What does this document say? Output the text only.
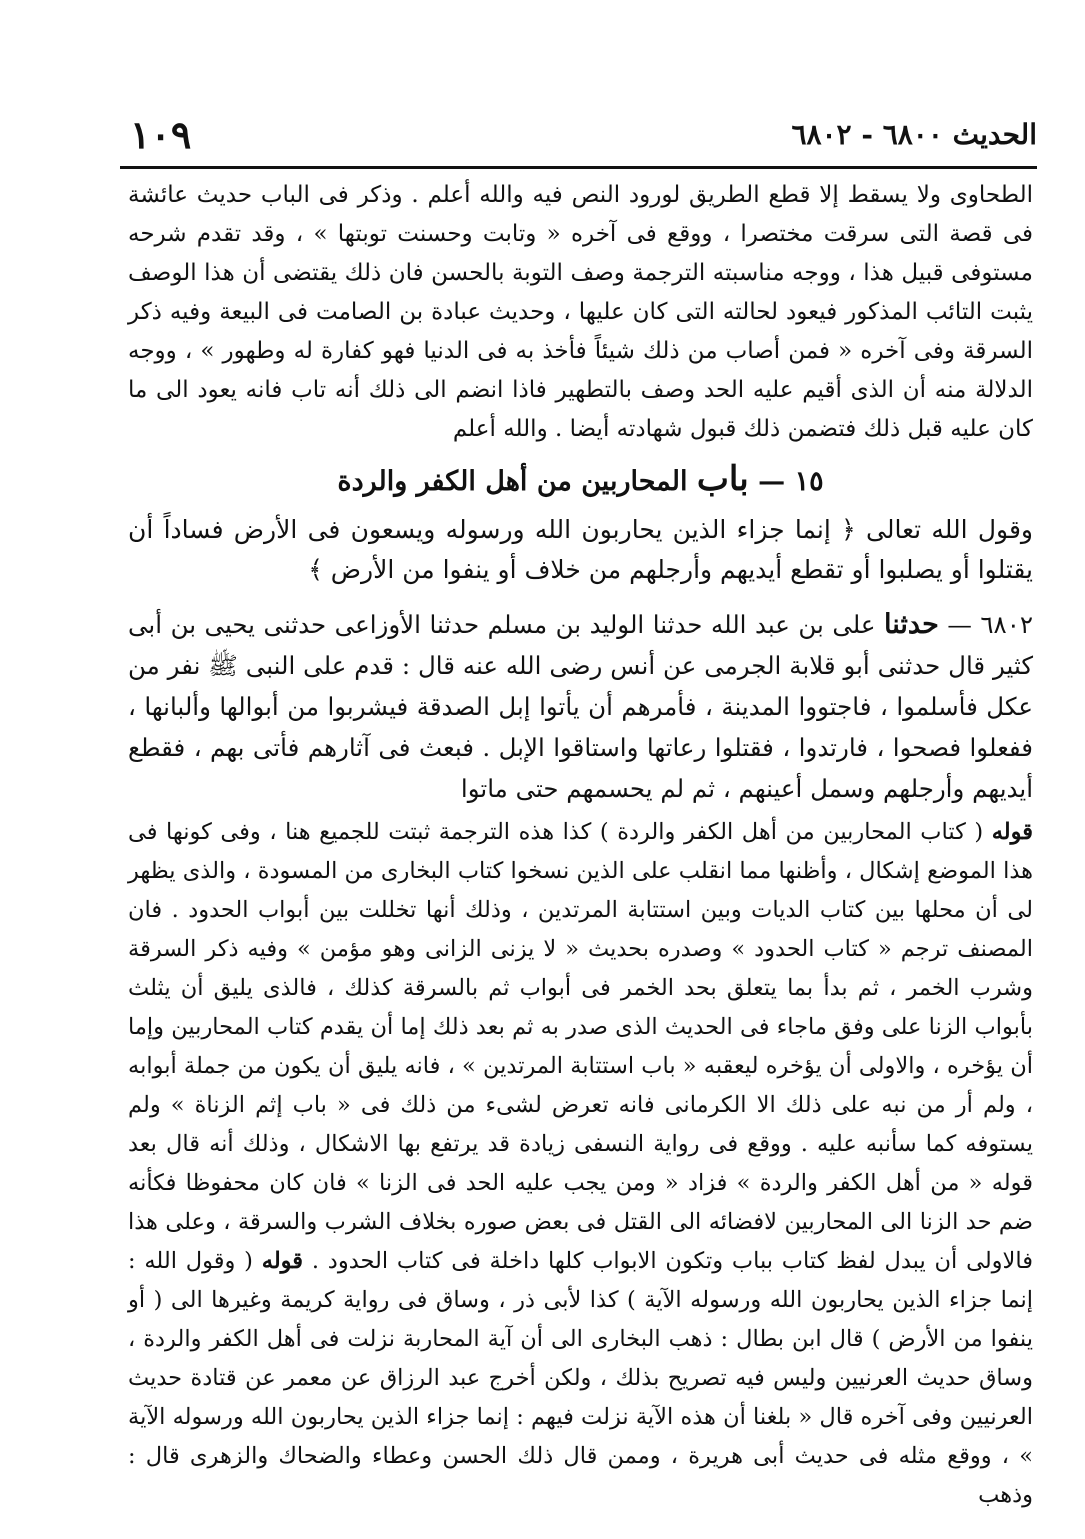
الحديث ٦٨٠٠ - ٦٨٠٢
١٠٩

الطحاوى ولا يسقط إلا قطع الطريق لورود النص فيه والله أعلم . وذكر فى الباب حديث عائشة فى قصة التى سرقت مختصرا ، ووقع فى آخره « وتابت وحسنت توبتها » ، وقد تقدم شرحه مستوفى قبيل هذا ، ووجه مناسبته الترجمة وصف التوبة بالحسن فان ذلك يقتضى أن هذا الوصف يثبت التائب المذكور فيعود لحالته التى كان عليها ، وحديث عبادة بن الصامت فى البيعة وفيه ذكر السرقة وفى آخره « فمن أصاب من ذلك شيئاً فأخذ به فى الدنيا فهو كفارة له وطهور » ، ووجه الدلالة منه أن الذى أقيم عليه الحد وصف بالتطهير فاذا انضم الى ذلك أنه تاب فانه يعود الى ما كان عليه قبل ذلك فتضمن ذلك قبول شهادته أيضا . والله أعلم

١٥ — باب المحاربين من أهل الكفر والردة

وقول الله تعالى ﴿ إنما جزاء الذين يحاربون الله ورسوله ويسعون فى الأرض فساداً أن يقتلوا أو يصلبوا أو تقطع أيديهم وأرجلهم من خلاف أو ينفوا من الأرض ﴾

٦٨٠٢ — حدثنا على بن عبد الله حدثنا الوليد بن مسلم حدثنا الأوزاعى حدثنى يحيى بن أبى كثير قال حدثنى أبو قلابة الجرمى عن أنس رضى الله عنه قال : قدم على النبى ﷺ نفر من عكل فأسلموا ، فاجتووا المدينة ، فأمرهم أن يأتوا إبل الصدقة فيشربوا من أبوالها وألبانها ، ففعلوا فصحوا ، فارتدوا ، فقتلوا رعاتها واستاقوا الإبل . فبعث فى آثارهم فأتى بهم ، فقطع أيديهم وأرجلهم وسمل أعينهم ، ثم لم يحسمهم حتى ماتوا

قوله ( كتاب المحاربين من أهل الكفر والردة ) كذا هذه الترجمة ثبتت للجميع هنا ، وفى كونها فى هذا الموضع إشكال ، وأظنها مما انقلب على الذين نسخوا كتاب البخارى من المسودة ، والذى يظهر لى أن محلها بين كتاب الديات وبين استتابة المرتدين ، وذلك أنها تخللت بين أبواب الحدود . فان المصنف ترجم « كتاب الحدود » وصدره بحديث « لا يزنى الزانى وهو مؤمن » وفيه ذكر السرقة وشرب الخمر ، ثم بدأ بما يتعلق بحد الخمر فى أبواب ثم بالسرقة كذلك ، فالذى يليق أن يثلث بأبواب الزنا على وفق ماجاء فى الحديث الذى صدر به ثم بعد ذلك إما أن يقدم كتاب المحاربين وإما أن يؤخره ، والاولى أن يؤخره ليعقبه « باب استتابة المرتدين » ، فانه يليق أن يكون من جملة أبوابه ، ولم أر من نبه على ذلك الا الكرمانى فانه تعرض لشىء من ذلك فى « باب إثم الزناة » ولم يستوفه كما سأنبه عليه . ووقع فى رواية النسفى زيادة قد يرتفع بها الاشكال ، وذلك أنه قال بعد قوله « من أهل الكفر والردة » فزاد « ومن يجب عليه الحد فى الزنا » فان كان محفوظا فكأنه ضم حد الزنا الى المحاربين لافضائه الى القتل فى بعض صوره بخلاف الشرب والسرقة ، وعلى هذا فالاولى أن يبدل لفظ كتاب بباب وتكون الابواب كلها داخلة فى كتاب الحدود . قوله ( وقول الله : إنما جزاء الذين يحاربون الله ورسوله الآية ) كذا لأبى ذر ، وساق فى رواية كريمة وغيرها الى ( أو ينفوا من الأرض ) قال ابن بطال : ذهب البخارى الى أن آية المحاربة نزلت فى أهل الكفر والردة ، وساق حديث العرنيين وليس فيه تصريح بذلك ، ولكن أخرج عبد الرزاق عن معمر عن قتادة حديث العرنيين وفى آخره قال « بلغنا أن هذه الآية نزلت فيهم : إنما جزاء الذين يحاربون الله ورسوله الآية » ، ووقع مثله فى حديث أبى هريرة ، وممن قال ذلك الحسن وعطاء والضحاك والزهرى قال : وذهب
